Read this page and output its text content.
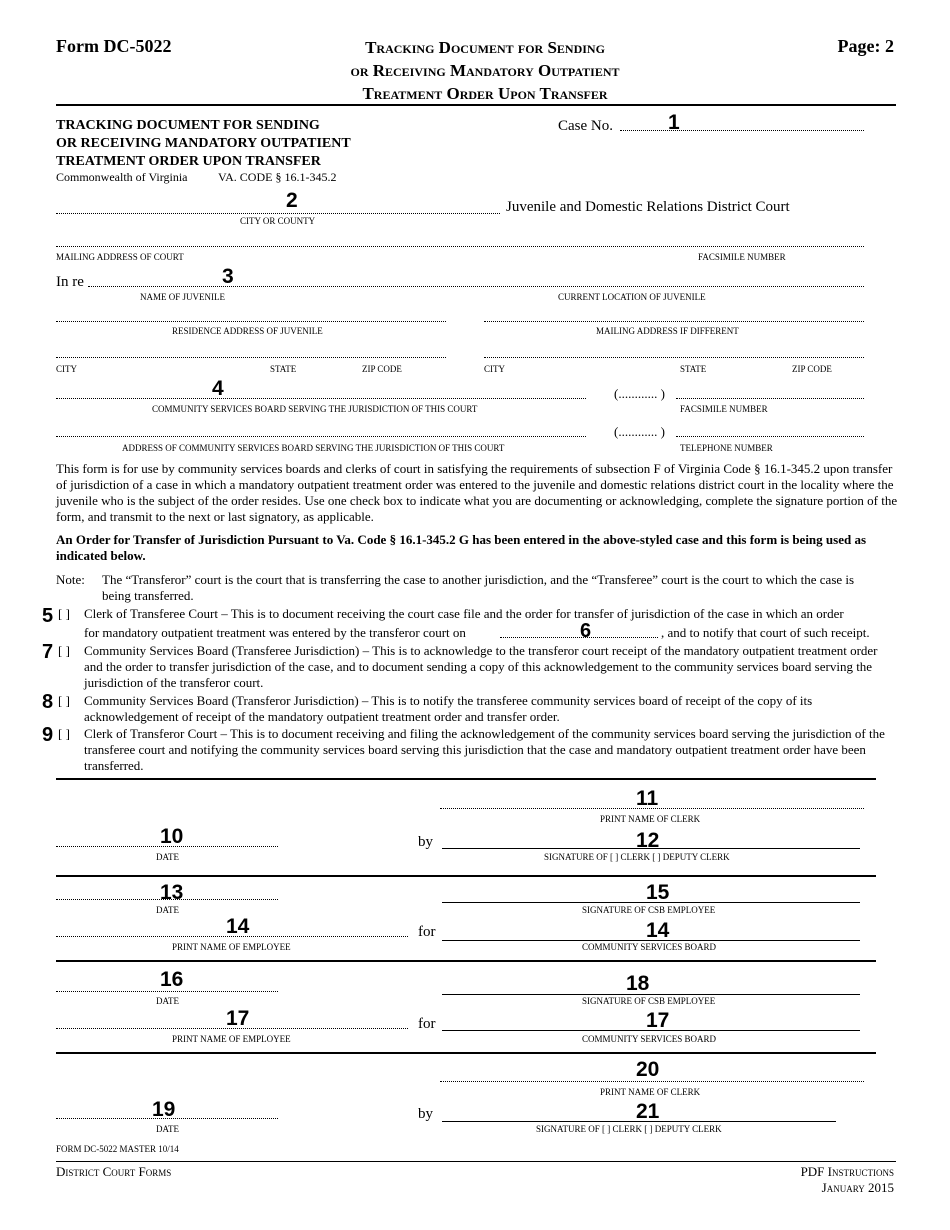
Form DC-5022	Tracking Document for Sending
or Receiving Mandatory Outpatient
Treatment Order Upon Transfer
Page: 2
TRACKING DOCUMENT FOR SENDING
OR RECEIVING MANDATORY OUTPATIENT
TREATMENT ORDER UPON TRANSFER
Commonwealth of Virginia	VA. CODE § 16.1-345.2
Case No.	1
2
CITY OR COUNTY
Juvenile and Domestic Relations District Court
MAILING ADDRESS OF COURT	FACSIMILE NUMBER
In re	3
NAME OF JUVENILE	CURRENT LOCATION OF JUVENILE
RESIDENCE ADDRESS OF JUVENILE	MAILING ADDRESS IF DIFFERENT
CITY	STATE	ZIP CODE	CITY	STATE	ZIP CODE
4
COMMUNITY SERVICES BOARD SERVING THE JURISDICTION OF THIS COURT
(............ )
FACSIMILE NUMBER
ADDRESS OF COMMUNITY SERVICES BOARD SERVING THE JURISDICTION OF THIS COURT
(............ )
TELEPHONE NUMBER
This form is for use by community services boards and clerks of court in satisfying the requirements of subsection F of Virginia Code § 16.1-345.2 upon transfer of jurisdiction of a case in which a mandatory outpatient treatment order was entered to the juvenile and domestic relations district court in the locality where the juvenile who is the subject of the order resides. Use one check box to indicate what you are documenting or acknowledging, complete the signature portion of the form, and transmit to the next or last signatory, as applicable.
An Order for Transfer of Jurisdiction Pursuant to Va. Code § 16.1-345.2 G has been entered in the above-styled case and this form is being used as indicated below.
Note: The “Transferor” court is the court that is transferring the case to another jurisdiction, and the “Transferee” court is the court to which the case is being transferred.
5 [ ] Clerk of Transferee Court – This is to document receiving the court case file and the order for transfer of jurisdiction of the case in which an order
for mandatory outpatient treatment was entered by the transferor court on	6	, and to notify that court of such receipt.
7 [ ] Community Services Board (Transferee Jurisdiction) – This is to acknowledge to the transferor court receipt of the mandatory outpatient treatment order and the order to transfer jurisdiction of the case, and to document sending a copy of this acknowledgement to the community services board serving the jurisdiction of the transferor court.
8 [ ] Community Services Board (Transferor Jurisdiction) – This is to notify the transferee community services board of receipt of the copy of its acknowledgement of receipt of the mandatory outpatient treatment order and transfer order.
9 [ ] Clerk of Transferor Court – This is to document receiving and filing the acknowledgement of the community services board serving the jurisdiction of the transferee court and notifying the community services board serving this jurisdiction that the case and mandatory outpatient treatment order have been transferred.
11
PRINT NAME OF CLERK
10
DATE
by	12
SIGNATURE OF [ ] CLERK [ ] DEPUTY CLERK
13
DATE
15
SIGNATURE OF CSB EMPLOYEE
14
PRINT NAME OF EMPLOYEE
for	14
COMMUNITY SERVICES BOARD
16
DATE
18
SIGNATURE OF CSB EMPLOYEE
17
PRINT NAME OF EMPLOYEE
for	17
COMMUNITY SERVICES BOARD
20
PRINT NAME OF CLERK
19
DATE
by	21
SIGNATURE OF [ ] CLERK [ ] DEPUTY CLERK
FORM DC-5022 MASTER 10/14
District Court Forms	PDF Instructions
January 2015
